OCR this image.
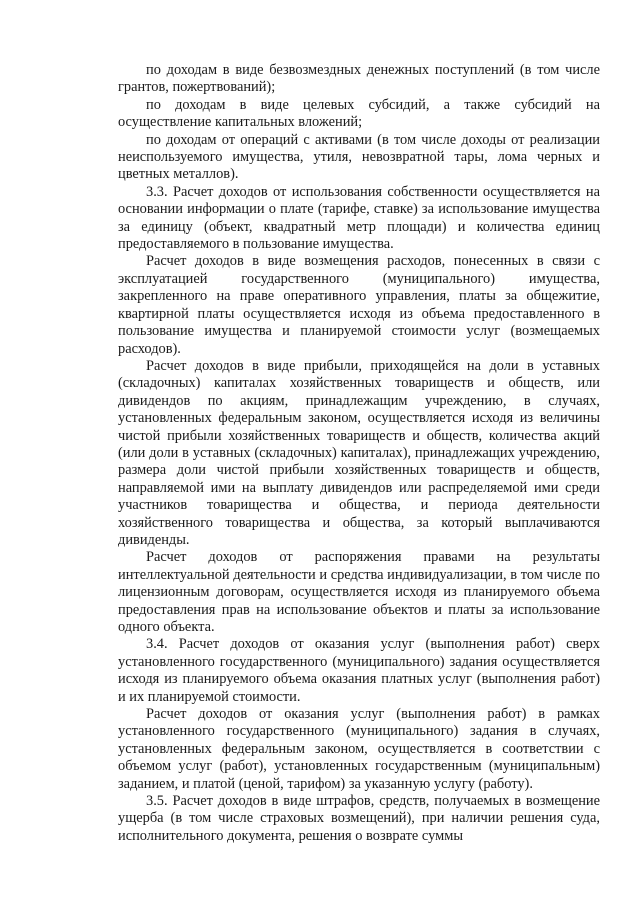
по доходам в виде безвозмездных денежных поступлений (в том числе грантов, пожертвований);

по доходам в виде целевых субсидий, а также субсидий на осуществление капитальных вложений;

по доходам от операций с активами (в том числе доходы от реализации неиспользуемого имущества, утиля, невозвратной тары, лома черных и цветных металлов).

3.3. Расчет доходов от использования собственности осуществляется на основании информации о плате (тарифе, ставке) за использование имущества за единицу (объект, квадратный метр площади) и количества единиц предоставляемого в пользование имущества.

Расчет доходов в виде возмещения расходов, понесенных в связи с эксплуатацией государственного (муниципального) имущества, закрепленного на праве оперативного управления, платы за общежитие, квартирной платы осуществляется исходя из объема предоставленного в пользование имущества и планируемой стоимости услуг (возмещаемых расходов).

Расчет доходов в виде прибыли, приходящейся на доли в уставных (складочных) капиталах хозяйственных товариществ и обществ, или дивидендов по акциям, принадлежащим учреждению, в случаях, установленных федеральным законом, осуществляется исходя из величины чистой прибыли хозяйственных товариществ и обществ, количества акций (или доли в уставных (складочных) капиталах), принадлежащих учреждению, размера доли чистой прибыли хозяйственных товариществ и обществ, направляемой ими на выплату дивидендов или распределяемой ими среди участников товарищества и общества, и периода деятельности хозяйственного товарищества и общества, за который выплачиваются дивиденды.

Расчет доходов от распоряжения правами на результаты интеллектуальной деятельности и средства индивидуализации, в том числе по лицензионным договорам, осуществляется исходя из планируемого объема предоставления прав на использование объектов и платы за использование одного объекта.

3.4. Расчет доходов от оказания услуг (выполнения работ) сверх установленного государственного (муниципального) задания осуществляется исходя из планируемого объема оказания платных услуг (выполнения работ) и их планируемой стоимости.

Расчет доходов от оказания услуг (выполнения работ) в рамках установленного государственного (муниципального) задания в случаях, установленных федеральным законом, осуществляется в соответствии с объемом услуг (работ), установленных государственным (муниципальным) заданием, и платой (ценой, тарифом) за указанную услугу (работу).

3.5. Расчет доходов в виде штрафов, средств, получаемых в возмещение ущерба (в том числе страховых возмещений), при наличии решения суда, исполнительного документа, решения о возврате суммы
